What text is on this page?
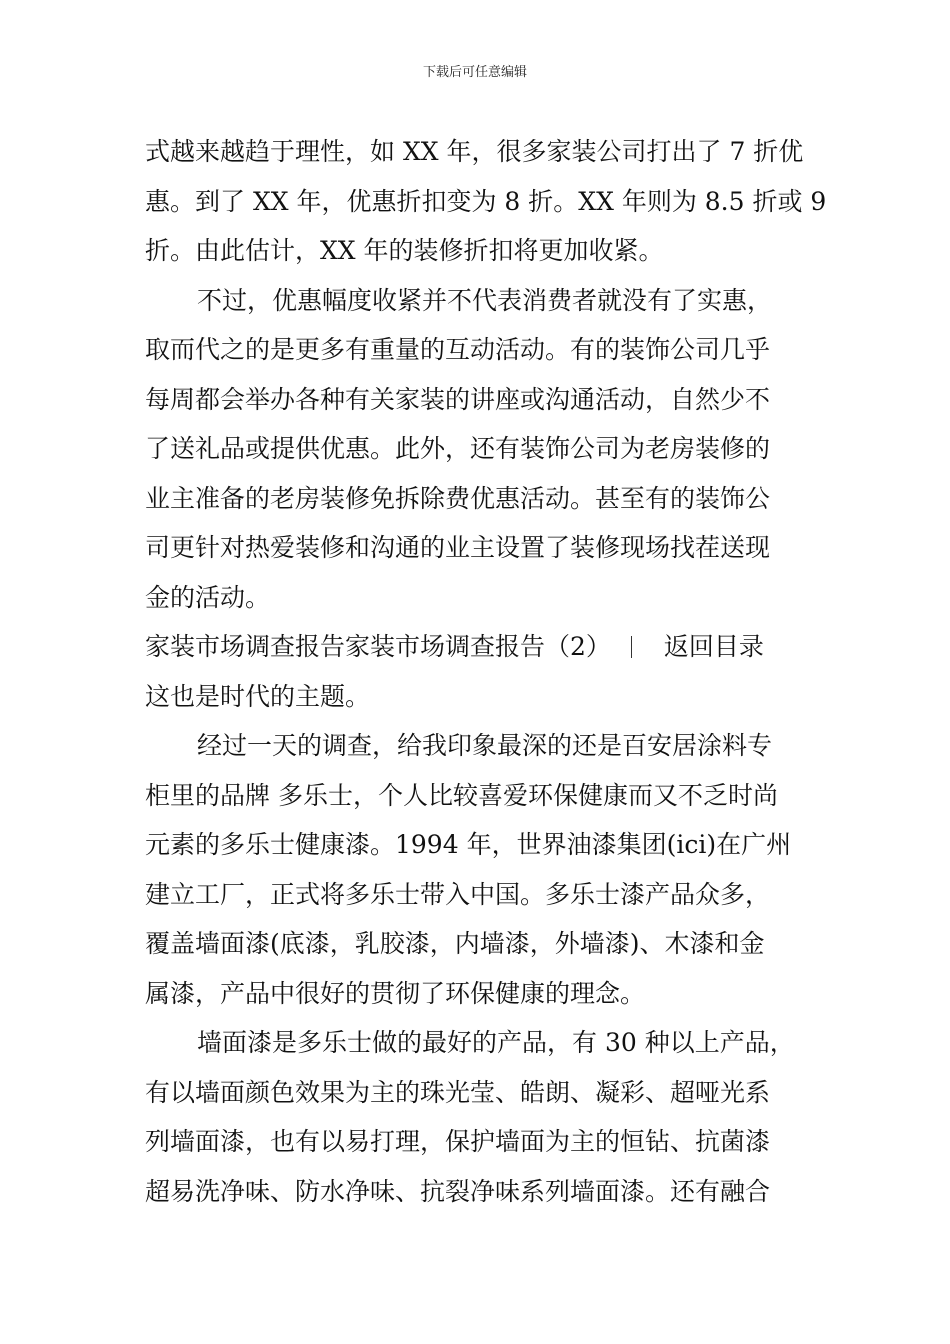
下载后可任意编辑
式越来越趋于理性，如 XX 年，很多家装公司打出了 7 折优
惠。到了 XX 年，优惠折扣变为 8 折。XX 年则为 8.5 折或 9
折。由此估计，XX 年的装修折扣将更加收紧。
不过，优惠幅度收紧并不代表消费者就没有了实惠，
取而代之的是更多有重量的互动活动。有的装饰公司几乎
每周都会举办各种有关家装的讲座或沟通活动，自然少不
了送礼品或提供优惠。此外，还有装饰公司为老房装修的
业主准备的老房装修免拆除费优惠活动。甚至有的装饰公
司更针对热爱装修和沟通的业主设置了装修现场找茬送现
金的活动。
家装市场调查报告家装市场调查报告（2） 返回目录
这也是时代的主题。
经过一天的调查，给我印象最深的还是百安居涂料专
柜里的品牌 多乐士，个人比较喜爱环保健康而又不乏时尚
元素的多乐士健康漆。1994 年，世界油漆集团(ici)在广州
建立工厂，正式将多乐士带入中国。多乐士漆产品众多，
覆盖墙面漆(底漆，乳胶漆，内墙漆，外墙漆)、木漆和金
属漆，产品中很好的贯彻了环保健康的理念。
墙面漆是多乐士做的最好的产品，有 30 种以上产品，
有以墙面颜色效果为主的珠光莹、皓朗、凝彩、超哑光系
列墙面漆，也有以易打理，保护墙面为主的恒钻、抗菌漆
超易洗净味、防水净味、抗裂净味系列墙面漆。还有融合
